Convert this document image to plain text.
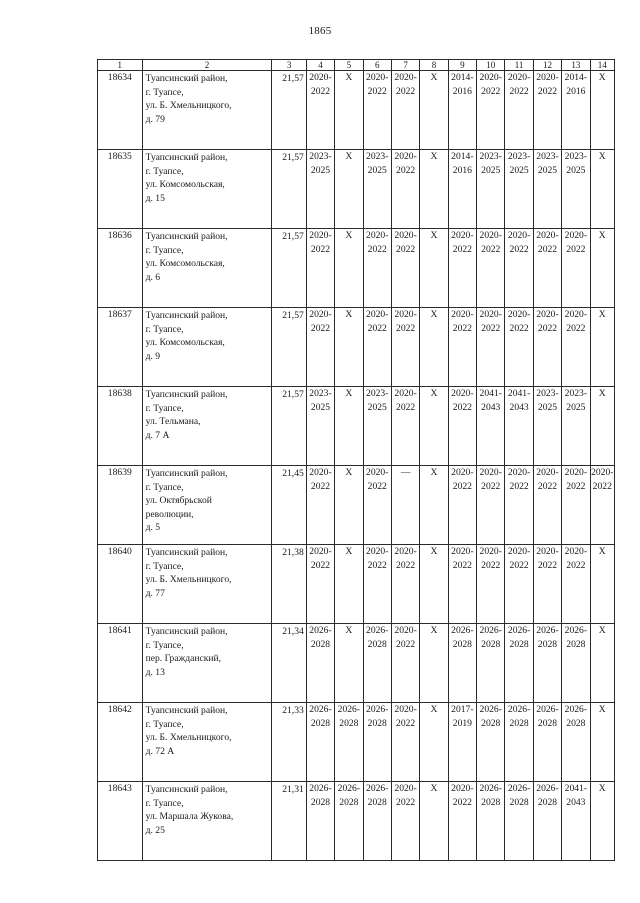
1865
1	2	3	4	5	6	7	8	9	10	11	12	13	14
18634	Туапсинский район,
г. Туапсе,
ул. Б. Хмельницкого,
д. 79	21,57	2020-
2022	Х	2020-
2022	2020-
2022	Х	2014-
2016	2020-
2022	2020-
2022	2020-
2022	2014-
2016	Х

18635	Туапсинский район,
г. Туапсе,
ул. Комсомольская,
д. 15	21,57	2023-
2025	Х	2023-
2025	2020-
2022	Х	2014-
2016	2023-
2025	2023-
2025	2023-
2025	2023-
2025	Х

18636	Туапсинский район,
г. Туапсе,
ул. Комсомольская,
д. 6	21,57	2020-
2022	Х	2020-
2022	2020-
2022	Х	2020-
2022	2020-
2022	2020-
2022	2020-
2022	2020-
2022	Х

18637	Туапсинский район,
г. Туапсе,
ул. Комсомольская,
д. 9	21,57	2020-
2022	Х	2020-
2022	2020-
2022	Х	2020-
2022	2020-
2022	2020-
2022	2020-
2022	2020-
2022	Х

18638	Туапсинский район,
г. Туапсе,
ул. Тельмана,
д. 7 А	21,57	2023-
2025	Х	2023-
2025	2020-
2022	Х	2020-
2022	2041-
2043	2041-
2043	2023-
2025	2023-
2025	Х

18639	Туапсинский район,
г. Туапсе,
ул. Октябрьской
революции,
д. 5	21,45	2020-
2022	Х	2020-
2022	—	Х	2020-
2022	2020-
2022	2020-
2022	2020-
2022	2020-
2022	2020-
2022

18640	Туапсинский район,
г. Туапсе,
ул. Б. Хмельницкого,
д. 77	21,38	2020-
2022	Х	2020-
2022	2020-
2022	Х	2020-
2022	2020-
2022	2020-
2022	2020-
2022	2020-
2022	Х

18641	Туапсинский район,
г. Туапсе,
пер. Гражданский,
д. 13	21,34	2026-
2028	Х	2026-
2028	2020-
2022	Х	2026-
2028	2026-
2028	2026-
2028	2026-
2028	2026-
2028	Х

18642	Туапсинский район,
г. Туапсе,
ул. Б. Хмельницкого,
д. 72 А	21,33	2026-
2028	2026-
2028	2026-
2028	2020-
2022	Х	2017-
2019	2026-
2028	2026-
2028	2026-
2028	2026-
2028	Х

18643	Туапсинский район,
г. Туапсе,
ул. Маршала Жукова,
д. 25	21,31	2026-
2028	2026-
2028	2026-
2028	2020-
2022	Х	2020-
2022	2026-
2028	2026-
2028	2026-
2028	2041-
2043	Х
